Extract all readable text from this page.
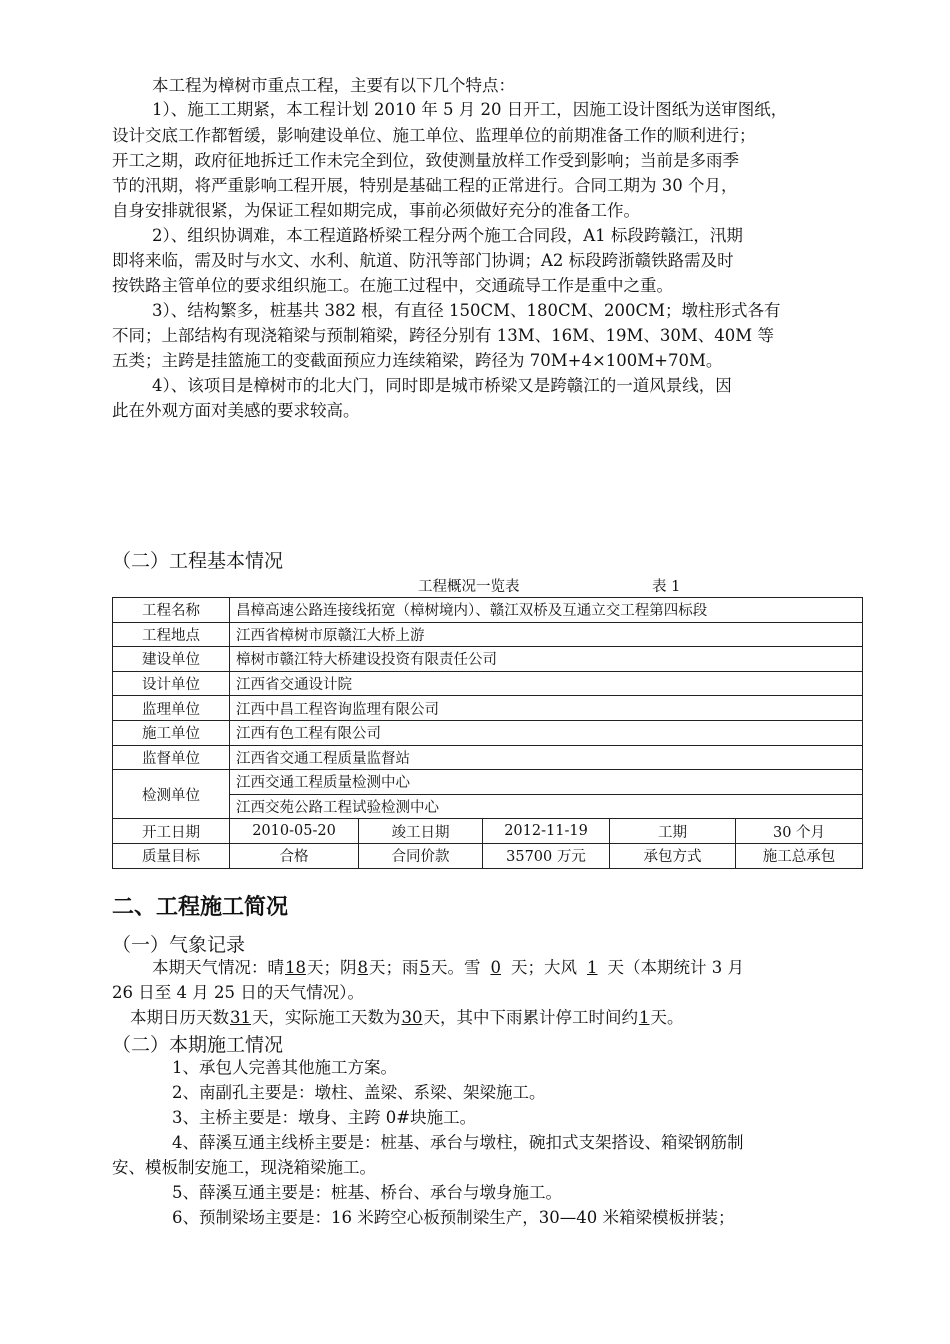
本工程为樟树市重点工程，主要有以下几个特点：
1）、施工工期紧，本工程计划 2010 年 5 月 20 日开工，因施工设计图纸为送审图纸，
设计交底工作都暂缓，影响建设单位、施工单位、监理单位的前期准备工作的顺利进行；
开工之期，政府征地拆迁工作未完全到位，致使测量放样工作受到影响；当前是多雨季
节的汛期，将严重影响工程开展，特别是基础工程的正常进行。合同工期为 30 个月，
自身安排就很紧，为保证工程如期完成，事前必须做好充分的准备工作。
2）、组织协调难，本工程道路桥梁工程分两个施工合同段，A1 标段跨赣江，汛期
即将来临，需及时与水文、水利、航道、防汛等部门协调；A2 标段跨浙赣铁路需及时
按铁路主管单位的要求组织施工。在施工过程中，交通疏导工作是重中之重。
3）、结构繁多，桩基共 382 根，有直径 150CM、180CM、200CM；墩柱形式各有
不同；上部结构有现浇箱梁与预制箱梁，跨径分别有 13M、16M、19M、30M、40M 等
五类；主跨是挂篮施工的变截面预应力连续箱梁，跨径为 70M+4×100M+70M。
4）、该项目是樟树市的北大门，同时即是城市桥梁又是跨赣江的一道风景线，因
此在外观方面对美感的要求较高。
（二）工程基本情况
工程概况一览表	表 1
工程名称	昌樟高速公路连接线拓宽（樟树境内）、赣江双桥及互通立交工程第四标段				
工程地点	江西省樟树市原赣江大桥上游				
建设单位	樟树市赣江特大桥建设投资有限责任公司				
设计单位	江西省交通设计院				
监理单位	江西中昌工程咨询监理有限公司				
施工单位	江西有色工程有限公司				
监督单位	江西省交通工程质量监督站				
检测单位	江西交通工程质量检测中心				
	江西交苑公路工程试验检测中心				
开工日期	2010-05-20	竣工日期	2012-11-19	工期	30 个月
质量目标	合格	合同价款	35700 万元	承包方式	施工总承包
二、工程施工简况
（一）气象记录
本期天气情况：晴18天；阴8天；雨5天。雪 0 天；大风 1 天（本期统计 3 月
26 日至 4 月 25 日的天气情况）。
本期日历天数31天，实际施工天数为30天，其中下雨累计停工时间约1天。
（二）本期施工情况
1、承包人完善其他施工方案。
2、南副孔主要是：墩柱、盖梁、系梁、架梁施工。
3、主桥主要是：墩身、主跨 0#块施工。
4、薛溪互通主线桥主要是：桩基、承台与墩柱，碗扣式支架搭设、箱梁钢筋制
安、模板制安施工，现浇箱梁施工。
5、薛溪互通主要是：桩基、桥台、承台与墩身施工。
6、预制梁场主要是：16 米跨空心板预制梁生产，30—40 米箱梁模板拼装；
